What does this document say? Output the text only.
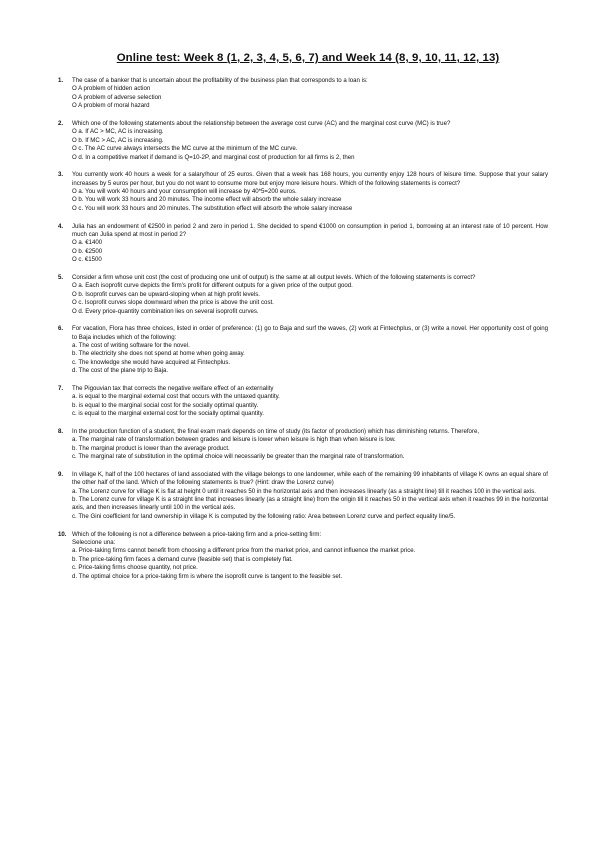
Online test: Week 8 (1, 2, 3, 4, 5, 6, 7) and Week 14 (8, 9, 10, 11, 12, 13)
1. The case of a banker that is uncertain about the profitability of the business plan that corresponds to a loan is:
O A problem of hidden action
O A problem of adverse selection
O A problem of moral hazard
2. Which one of the following statements about the relationship between the average cost curve (AC) and the marginal cost curve (MC) is true?
O a. If AC > MC, AC is increasing.
O b. If MC > AC, AC is increasing.
O c. The AC curve always intersects the MC curve at the minimum of the MC curve.
O d. In a competitive market if demand is Q=10-2P, and marginal cost of production for all firms is 2, then
3. You currently work 40 hours a week for a salary/hour of 25 euros. Given that a week has 168 hours, you currently enjoy 128 hours of leisure time. Suppose that your salary increases by 5 euros per hour, but you do not want to consume more but enjoy more leisure hours. Which of the following statements is correct?
O a. You will work 40 hours and your consumption will increase by 40*5=200 euros.
O b. You will work 33 hours and 20 minutes. The income effect will absorb the whole salary increase
O c. You will work 33 hours and 20 minutes. The substitution effect will absorb the whole salary increase
4. Julia has an endowment of €2500 in period 2 and zero in period 1. She decided to spend €1000 on consumption in period 1, borrowing at an interest rate of 10 percent. How much can Julia spend at most in period 2?
O a. €1400
O b. €2500
O c. €1500
5. Consider a firm whose unit cost (the cost of producing one unit of output) is the same at all output levels. Which of the following statements is correct?
O a. Each isoprofit curve depicts the firm's profit for different outputs for a given price of the output good.
O b. Isoprofit curves can be upward-sloping when at high profit levels.
O c. Isoprofit curves slope downward when the price is above the unit cost.
O d. Every price-quantity combination lies on several isoprofit curves.
6. For vacation, Flora has three choices, listed in order of preference: (1) go to Baja and surf the waves, (2) work at Fintechplus, or (3) write a novel. Her opportunity cost of going to Baja includes which of the following:
a. The cost of writing software for the novel.
b. The electricity she does not spend at home when going away.
c. The knowledge she would have acquired at Fintechplus.
d. The cost of the plane trip to Baja.
7. The Pigouvian tax that corrects the negative welfare effect of an externality
a. is equal to the marginal external cost that occurs with the untaxed quantity.
b. is equal to the marginal social cost for the socially optimal quantity.
c. is equal to the marginal external cost for the socially optimal quantity.
8. In the production function of a student, the final exam mark depends on time of study (its factor of production) which has diminishing returns. Therefore,
a. The marginal rate of transformation between grades and leisure is lower when leisure is high than when leisure is low.
b. The marginal product is lower than the average product.
c. The marginal rate of substitution in the optimal choice will necessarily be greater than the marginal rate of transformation.
9. In village K, half of the 100 hectares of land associated with the village belongs to one landowner, while each of the remaining 99 inhabitants of village K owns an equal share of the other half of the land. Which of the following statements is true? (Hint: draw the Lorenz curve)
a. The Lorenz curve for village K is flat at height 0 until it reaches 50 in the horizontal axis and then increases linearly (as a straight line) till it reaches 100 in the vertical axis.
b. The Lorenz curve for village K is a straight line that increases linearly (as a straight line) from the origin till it reaches 50 in the vertical axis when it reaches 99 in the horizontal axis, and then increases linearly until 100 in the vertical axis.
c. The Gini coefficient for land ownership in village K is computed by the following ratio: Area between Lorenz curve and perfect equality line/5.
10. Which of the following is not a difference between a price-taking firm and a price-setting firm:
Seleccione una:
a. Price-taking firms cannot benefit from choosing a different price from the market price, and cannot influence the market price.
b. The price-taking firm faces a demand curve (feasible set) that is completely flat.
c. Price-taking firms choose quantity, not price.
d. The optimal choice for a price-taking firm is where the isoprofit curve is tangent to the feasible set.
